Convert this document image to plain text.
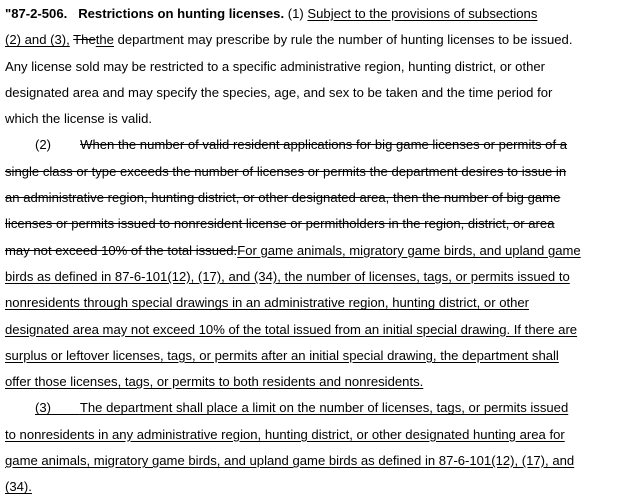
"87-2-506. Restrictions on hunting licenses. (1) Subject to the provisions of subsections
(2) and (3), Thethe department may prescribe by rule the number of hunting licenses to be issued.
Any license sold may be restricted to a specific administrative region, hunting district, or other
designated area and may specify the species, age, and sex to be taken and the time period for
which the license is valid.
(2) When the number of valid resident applications for big game licenses or permits of a
single class or type exceeds the number of licenses or permits the department desires to issue in
an administrative region, hunting district, or other designated area, then the number of big game
licenses or permits issued to nonresident license or permitholders in the region, district, or area
may not exceed 10% of the total issued.For game animals, migratory game birds, and upland game
birds as defined in 87-6-101(12), (17), and (34), the number of licenses, tags, or permits issued to
nonresidents through special drawings in an administrative region, hunting district, or other
designated area may not exceed 10% of the total issued from an initial special drawing. If there are
surplus or leftover licenses, tags, or permits after an initial special drawing, the department shall
offer those licenses, tags, or permits to both residents and nonresidents.
(3) The department shall place a limit on the number of licenses, tags, or permits issued
to nonresidents in any administrative region, hunting district, or other designated hunting area for
game animals, migratory game birds, and upland game birds as defined in 87-6-101(12), (17), and
(34).
